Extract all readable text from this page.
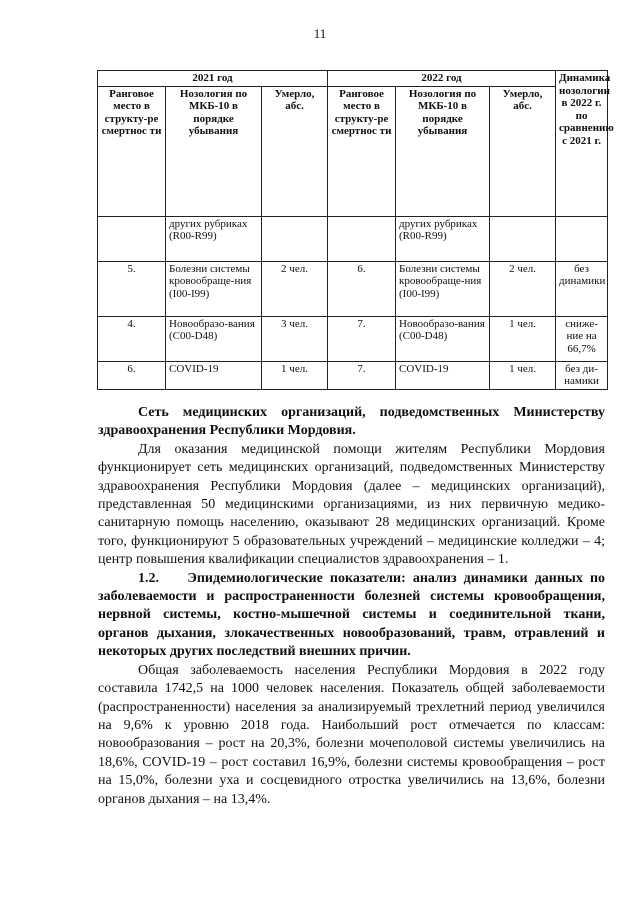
11
2021 год			2022 год			Динамика нозологии в 2022 г. по сравнению с 2021 г.
Ранговое место в структу-ре смертнос ти	Нозология по МКБ-10 в порядке убывания	Умерло, абс.	Ранговое место в структу-ре смертнос ти	Нозология по МКБ-10 в порядке убывания	Умерло, абс.	
	других рубриках (R00-R99)			других рубриках (R00-R99)		
5.	Болезни системы кровообраще-ния (I00-I99)	2 чел.	6.	Болезни системы кровообраще-ния (I00-I99)	2 чел.	без динамики
4.	Новообразо-вания (C00-D48)	3 чел.	7.	Новообразо-вания (C00-D48)	1 чел.	сниже-ние на 66,7%
6.	COVID-19	1 чел.	7.	COVID-19	1 чел.	без ди-намики

Сеть медицинских организаций, подведомственных Министерству здравоохранения Республики Мордовия.

Для оказания медицинской помощи жителям Республики Мордовия функционирует сеть медицинских организаций, подведомственных Министерству здравоохранения Республики Мордовия (далее – медицинских организаций), представленная 50 медицинскими организациями, из них первичную медико-санитарную помощь населению, оказывают 28 медицинских организаций. Кроме того, функционируют 5 образовательных учреждений – медицинские колледжи – 4; центр повышения квалификации специалистов здравоохранения – 1.

1.2. Эпидемиологические показатели: анализ динамики данных по заболеваемости и распространенности болезней системы кровообращения, нервной системы, костно-мышечной системы и соединительной ткани, органов дыхания, злокачественных новообразований, травм, отравлений и некоторых других последствий внешних причин.

Общая заболеваемость населения Республики Мордовия в 2022 году составила 1742,5 на 1000 человек населения. Показатель общей заболеваемости (распространенности) населения за анализируемый трехлетний период увеличился на 9,6% к уровню 2018 года. Наибольший рост отмечается по классам: новообразования – рост на 20,3%, болезни мочеполовой системы увеличились на 18,6%, COVID-19 – рост составил 16,9%, болезни системы кровообращения – рост на 15,0%, болезни уха и сосцевидного отростка увеличились на 13,6%, болезни органов дыхания – на 13,4%.
